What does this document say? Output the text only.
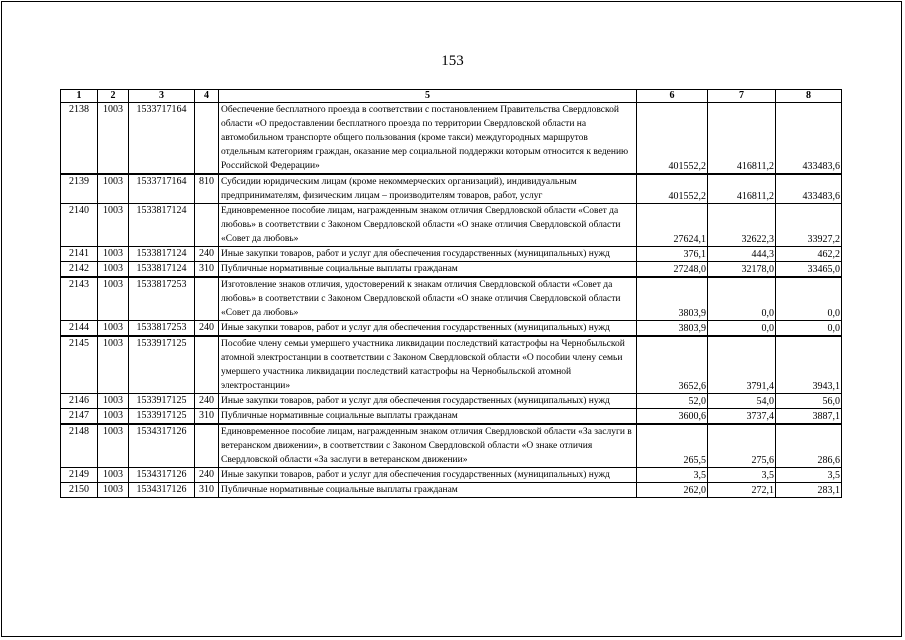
153
1	2	3	4	5	6	7	8
2138	1003	1533717164		Обеспечение бесплатного проезда в соответствии с постановлением Правительства Свердловской области «О предоставлении бесплатного проезда по территории Свердловской области на автомобильном транспорте общего пользования (кроме такси) междугородных маршрутов отдельным категориям граждан, оказание мер социальной поддержки которым относится к ведению Российской Федерации»	401552,2	416811,2	433483,6
2139	1003	1533717164	810	Субсидии юридическим лицам (кроме некоммерческих организаций), индивидуальным предпринимателям, физическим лицам – производителям товаров, работ, услуг	401552,2	416811,2	433483,6
2140	1003	1533817124		Единовременное пособие лицам, награжденным знаком отличия Свердловской области «Совет да любовь» в соответствии с Законом Свердловской области «О знаке отличия Свердловской области «Совет да любовь»	27624,1	32622,3	33927,2
2141	1003	1533817124	240	Иные закупки товаров, работ и услуг для обеспечения государственных (муниципальных) нужд	376,1	444,3	462,2
2142	1003	1533817124	310	Публичные нормативные социальные выплаты гражданам	27248,0	32178,0	33465,0
2143	1003	1533817253		Изготовление знаков отличия, удостоверений к знакам отличия Свердловской области «Совет да любовь» в соответствии с Законом Свердловской области «О знаке отличия Свердловской области «Совет да любовь»	3803,9	0,0	0,0
2144	1003	1533817253	240	Иные закупки товаров, работ и услуг для обеспечения государственных (муниципальных) нужд	3803,9	0,0	0,0
2145	1003	1533917125		Пособие члену семьи умершего участника ликвидации последствий катастрофы на Чернобыльской атомной электростанции в соответствии с Законом Свердловской области «О пособии члену семьи умершего участника ликвидации последствий катастрофы на Чернобыльской атомной электростанции»	3652,6	3791,4	3943,1
2146	1003	1533917125	240	Иные закупки товаров, работ и услуг для обеспечения государственных (муниципальных) нужд	52,0	54,0	56,0
2147	1003	1533917125	310	Публичные нормативные социальные выплаты гражданам	3600,6	3737,4	3887,1
2148	1003	1534317126		Единовременное пособие лицам, награжденным знаком отличия Свердловской области «За заслуги в ветеранском движении», в соответствии с Законом Свердловской области «О знаке отличия Свердловской области «За заслуги в ветеранском движении»	265,5	275,6	286,6
2149	1003	1534317126	240	Иные закупки товаров, работ и услуг для обеспечения государственных (муниципальных) нужд	3,5	3,5	3,5
2150	1003	1534317126	310	Публичные нормативные социальные выплаты гражданам	262,0	272,1	283,1
